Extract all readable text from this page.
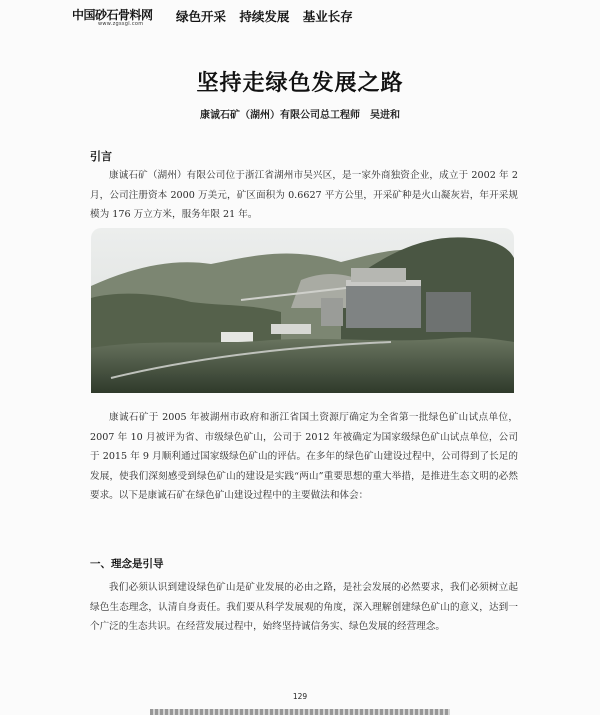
中国砂石骨料网
www.zgssgl.com	绿色开采 持续发展 基业长存
坚持走绿色发展之路
康诚石矿（湖州）有限公司总工程师　吴进和
引言

康诚石矿（湖州）有限公司位于浙江省湖州市吴兴区，是一家外商独资企业，成立于 2002 年 2 月，公司注册资本 2000 万美元，矿区面积为 0.6627 平方公里，开采矿种是火山凝灰岩，年开采规模为 176 万立方米，服务年限 21 年。

康诚石矿于 2005 年被湖州市政府和浙江省国土资源厅确定为全省第一批绿色矿山试点单位，2007 年 10 月被评为省、市级绿色矿山，公司于 2012 年被确定为国家级绿色矿山试点单位，公司于 2015 年 9 月顺利通过国家级绿色矿山的评估。在多年的绿色矿山建设过程中，公司得到了长足的发展，使我们深刻感受到绿色矿山的建设是实践“两山”重要思想的重大举措，是推进生态文明的必然要求。以下是康诚石矿在绿色矿山建设过程中的主要做法和体会：

一、理念是引导

我们必须认识到建设绿色矿山是矿业发展的必由之路，是社会发展的必然要求，我们必须树立起绿色生态理念，认清自身责任。我们要从科学发展观的角度，深入理解创建绿色矿山的意义，达到一个广泛的生态共识。在经营发展过程中，始终坚持诚信务实、绿色发展的经营理念。

129
